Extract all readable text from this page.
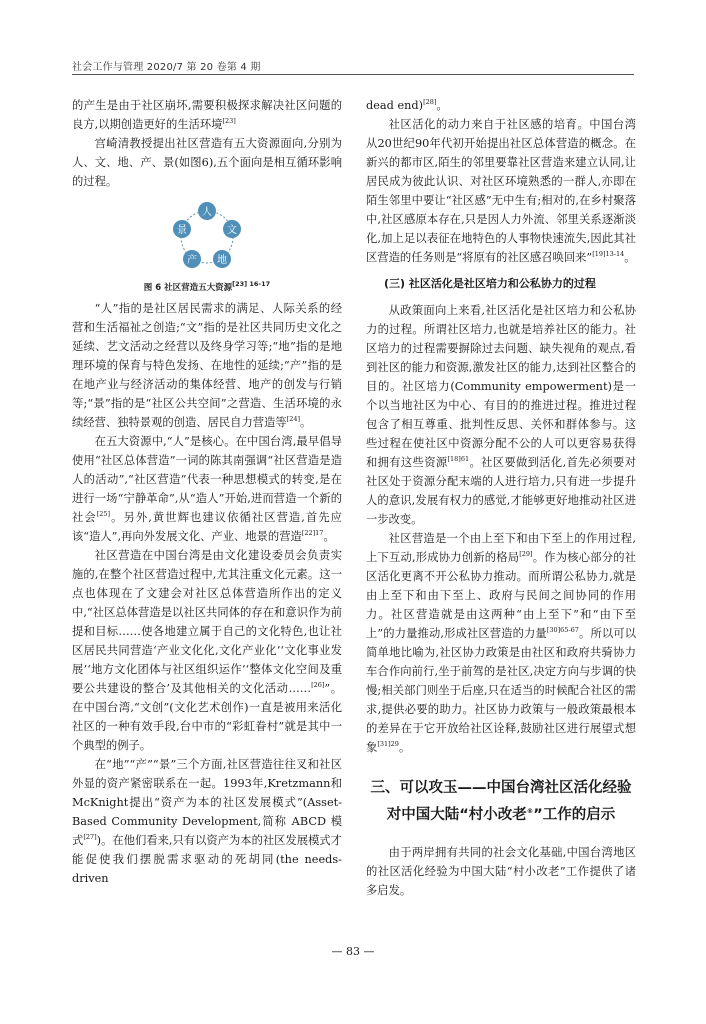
社会工作与管理 2020/7 第 20 卷第 4 期

的产生是由于社区崩坏,需要积极探求解决社区问题的良方,以期创造更好的生活环境[23]

宫崎清教授提出社区营造有五大资源面向,分别为人、文、地、产、景(如图6),五个面向是相互循环影响的过程。

人
文
地
产
景
图 6 社区营造五大资源$^{[23] 16-17}$

“人”指的是社区居民需求的满足、人际关系的经营和生活福祉之创造;“文”指的是社区共同历史文化之延续、艺文活动之经营以及终身学习等;“地”指的是地理环境的保育与特色发扬、在地性的延续;“产”指的是在地产业与经济活动的集体经营、地产的创发与行销等;“景”指的是“社区公共空间”之营造、生活环境的永续经营、独特景观的创造、居民自力营造等[24]。

在五大资源中,“人”是核心。在中国台湾,最早倡导使用“社区总体营造”一词的陈其南强调“社区营造是造人的活动”,“社区营造”代表一种思想模式的转变,是在进行一场“宁静革命”,从“造人”开始,进而营造一个新的社会[25]。另外,黄世辉也建议依循社区营造,首先应该“造人”,再向外发展文化、产业、地景的营造$^{[22]17}$。

社区营造在中国台湾是由文化建设委员会负责实施的,在整个社区营造过程中,尤其注重文化元素。这一点也体现在了文建会对社区总体营造所作出的定义中,“社区总体营造是以社区共同体的存在和意识作为前提和目标……使各地建立属于自己的文化特色,也让社区居民共同营造‘产业文化化,文化产业化’‘文化事业发展’‘地方文化团体与社区组织运作’‘整体文化空间及重要公共建设的整合’及其他相关的文化活动……[26]”。在中国台湾,“文创”(文化艺术创作)一直是被用来活化社区的一种有效手段,台中市的“彩虹眷村”就是其中一个典型的例子。

在“地”“产”“景”三个方面,社区营造往往叉和社区外显的资产紧密联系在一起。1993年,Kretzmann和McKnight提出“资产为本的社区发展模式”(Asset-Based Community Development,简称 ABCD 模式[27])。在他们看来,只有以资产为本的社区发展模式才能促使我们摆脱需求驱动的死胡同(the needs-driven

dead end)[28]。

社区活化的动力来自于社区感的培育。中国台湾从20世纪90年代初开始提出社区总体营造的概念。在新兴的都市区,陌生的邻里要靠社区营造来建立认同,让居民成为彼此认识、对社区环境熟悉的一群人,亦即在陌生邻里中要让“社区感”无中生有;相对的,在乡村聚落中,社区感原本存在,只是因人力外流、邻里关系逐渐淡化,加上足以表征在地特色的人事物快速流失,因此其社区营造的任务则是“将原有的社区感召唤回来”$^{[19]13-14}$。

(三) 社区活化是社区培力和公私协力的过程

从政策面向上来看,社区活化是社区培力和公私协力的过程。所谓社区培力,也就是培养社区的能力。社区培力的过程需要摒除过去问题、缺失视角的观点,看到社区的能力和资源,激发社区的能力,达到社区整合的目的。社区培力(Community empowerment)是一个以当地社区为中心、有目的的推进过程。推进过程包含了相互尊重、批判性反思、关怀和群体参与。这些过程在使社区中资源分配不公的人可以更容易获得和拥有这些资源$^{[18]61}$。社区要做到活化,首先必须要对社区处于资源分配末端的人进行培力,只有进一步提升人的意识,发展有权力的感觉,才能够更好地推动社区进一步改变。

社区营造是一个由上至下和由下至上的作用过程,上下互动,形成协力创新的格局[29]。作为核心部分的社区活化更离不开公私协力推动。而所谓公私协力,就是由上至下和由下至上、政府与民间之间协同的作用力。社区营造就是由这两种“由上至下”和“由下至上”的力量推动,形成社区营造的力量$^{[30]65-67}$。所以可以简单地比喻为,社区协力政策是由社区和政府共骑协力车合作向前行,坐于前驾的是社区,决定方向与步调的快慢;相关部门则坐于后座,只在适当的时候配合社区的需求,提供必要的助力。社区协力政策与一般政策最根本的差异在于它开放给社区诠释,鼓励社区进行展望式想象$^{[31]29}$。

三、可以攻玉——中国台湾社区活化经验
对中国大陆“村小改老®”工作的启示

由于两岸拥有共同的社会文化基础,中国台湾地区的社区活化经验为中国大陆“村小改老”工作提供了诸多启发。

— 83 —
